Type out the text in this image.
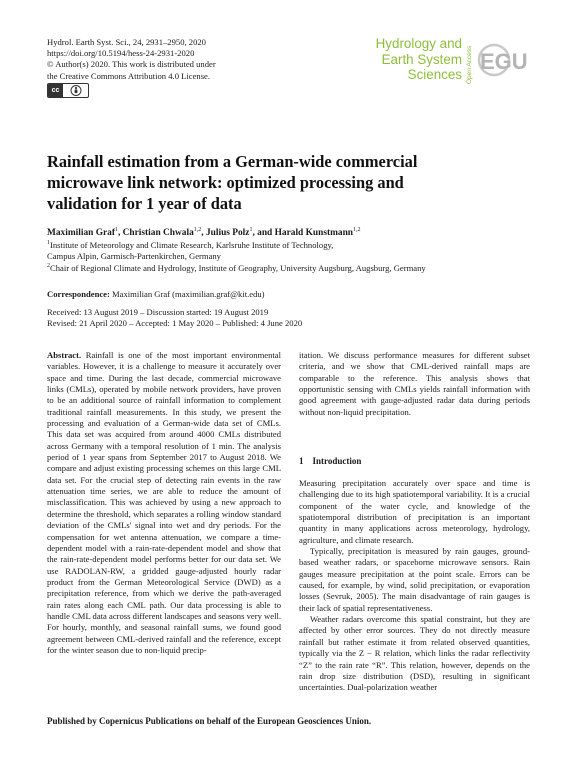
Hydrol. Earth Syst. Sci., 24, 2931–2950, 2020
https://doi.org/10.5194/hess-24-2931-2020
© Author(s) 2020. This work is distributed under
the Creative Commons Attribution 4.0 License.
cc
Hydrology and
Earth System
Sciences Open Access EGU
Rainfall estimation from a German-wide commercial
microwave link network: optimized processing and
validation for 1 year of data
Maximilian Graf$^1$, Christian Chwala$^{1,2}$, Julius Polz$^1$, and Harald Kunstmann$^{1,2}$
$^1$Institute of Meteorology and Climate Research, Karlsruhe Institute of Technology,
Campus Alpin, Garmisch-Partenkirchen, Germany
$^2$Chair of Regional Climate and Hydrology, Institute of Geography, University Augsburg, Augsburg, Germany
Correspondence: Maximilian Graf (maximilian.graf@kit.edu)
Received: 13 August 2019 – Discussion started: 19 August 2019
Revised: 21 April 2020 – Accepted: 1 May 2020 – Published: 4 June 2020

Abstract. Rainfall is one of the most important environmental variables. However, it is a challenge to measure it accurately over space and time. During the last decade, commercial microwave links (CMLs), operated by mobile network providers, have proven to be an additional source of rainfall information to complement traditional rainfall measurements. In this study, we present the processing and evaluation of a German-wide data set of CMLs. This data set was acquired from around 4000 CMLs distributed across Germany with a temporal resolution of 1 min. The analysis period of 1 year spans from September 2017 to August 2018. We compare and adjust existing processing schemes on this large CML data set. For the crucial step of detecting rain events in the raw attenuation time series, we are able to reduce the amount of misclassification. This was achieved by using a new approach to determine the threshold, which separates a rolling window standard deviation of the CMLs' signal into wet and dry periods. For the compensation for wet antenna attenuation, we compare a time-dependent model with a rain-rate-dependent model and show that the rain-rate-dependent model performs better for our data set. We use RADOLAN-RW, a gridded gauge-adjusted hourly radar product from the German Meteorological Service (DWD) as a precipitation reference, from which we derive the path-averaged rain rates along each CML path. Our data processing is able to handle CML data across different landscapes and seasons very well. For hourly, monthly, and seasonal rainfall sums, we found good agreement between CML-derived rainfall and the reference, except for the winter season due to non-liquid precip-

itation. We discuss performance measures for different subset criteria, and we show that CML-derived rainfall maps are comparable to the reference. This analysis shows that opportunistic sensing with CMLs yields rainfall information with good agreement with gauge-adjusted radar data during periods without non-liquid precipitation.

1 Introduction

Measuring precipitation accurately over space and time is challenging due to its high spatiotemporal variability. It is a crucial component of the water cycle, and knowledge of the spatiotemporal distribution of precipitation is an important quantity in many applications across meteorology, hydrology, agriculture, and climate research.

Typically, precipitation is measured by rain gauges, ground-based weather radars, or spaceborne microwave sensors. Rain gauges measure precipitation at the point scale. Errors can be caused, for example, by wind, solid precipitation, or evaporation losses (Sevruk, 2005). The main disadvantage of rain gauges is their lack of spatial representativeness.

Weather radars overcome this spatial constraint, but they are affected by other error sources. They do not directly measure rainfall but rather estimate it from related observed quantities, typically via the Z − R relation, which links the radar reflectivity “Z” to the rain rate “R”. This relation, however, depends on the rain drop size distribution (DSD), resulting in significant uncertainties. Dual-polarization weather

Published by Copernicus Publications on behalf of the European Geosciences Union.
